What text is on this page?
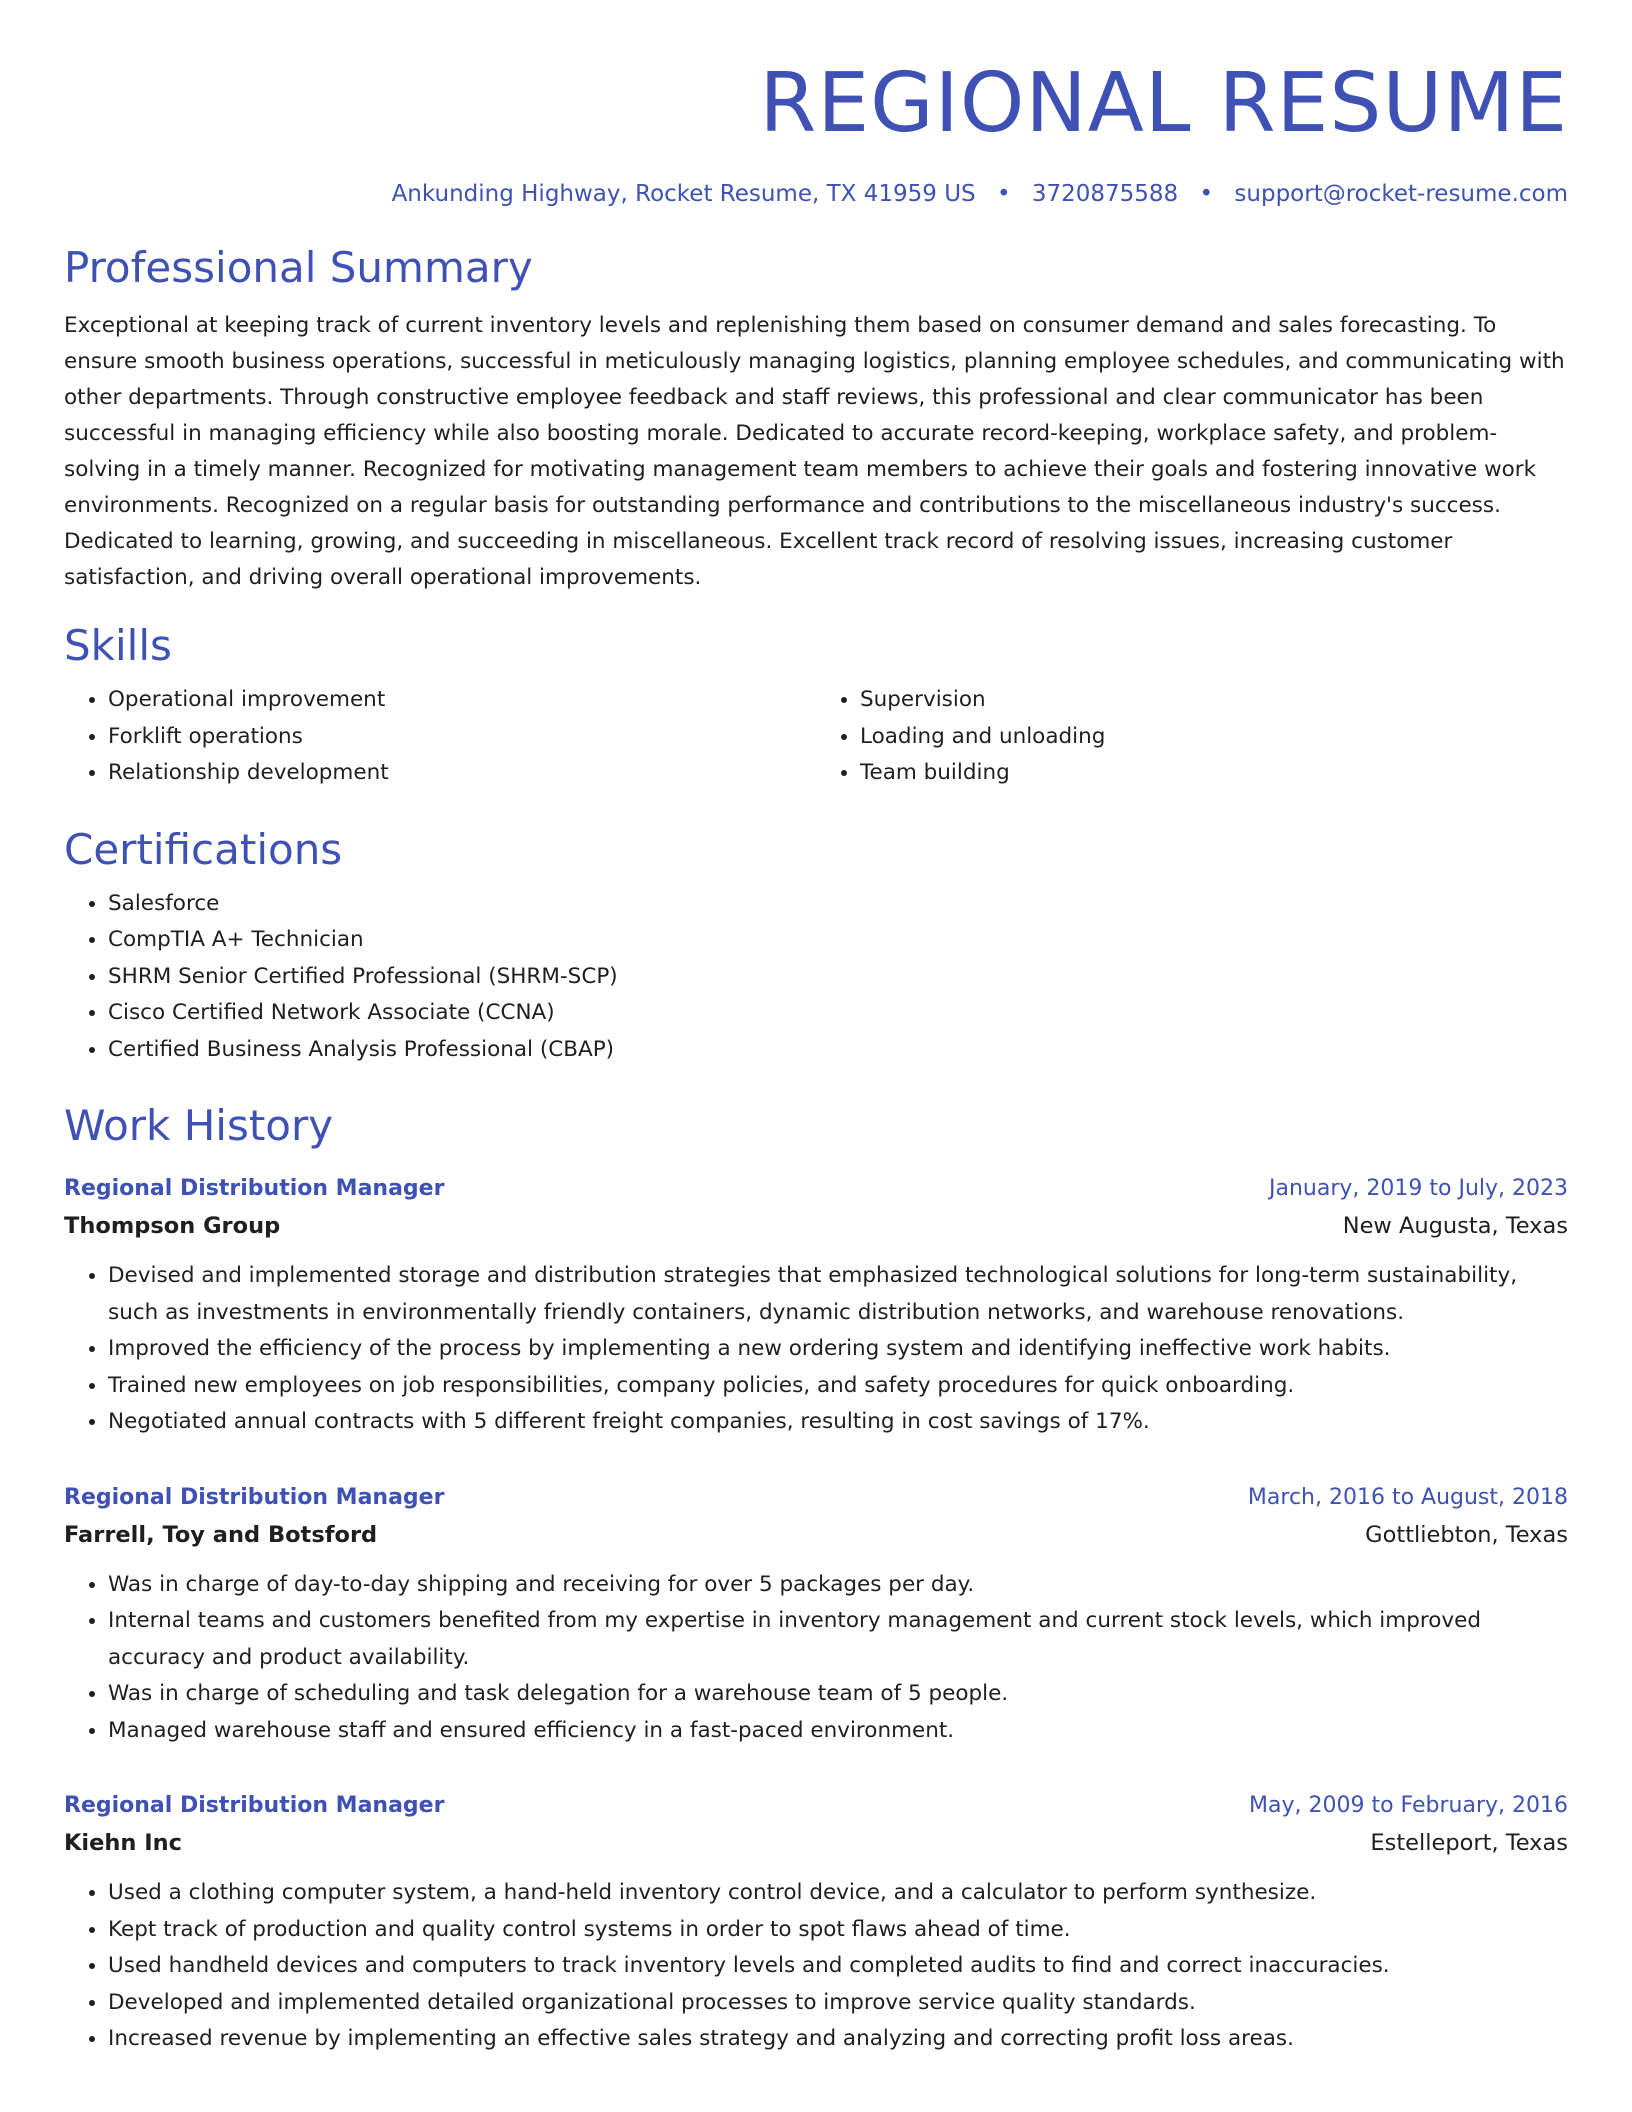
REGIONAL RESUME
Ankunding Highway, Rocket Resume, TX 41959 US • 3720875588 • support@rocket-resume.com
Professional Summary

Exceptional at keeping track of current inventory levels and replenishing them based on consumer demand and sales forecasting. To ensure smooth business operations, successful in meticulously managing logistics, planning employee schedules, and communicating with other departments. Through constructive employee feedback and staff reviews, this professional and clear communicator has been successful in managing efficiency while also boosting morale. Dedicated to accurate record-keeping, workplace safety, and problem-solving in a timely manner. Recognized for motivating management team members to achieve their goals and fostering innovative work environments. Recognized on a regular basis for outstanding performance and contributions to the miscellaneous industry's success. Dedicated to learning, growing, and succeeding in miscellaneous. Excellent track record of resolving issues, increasing customer satisfaction, and driving overall operational improvements.

Skills
• Operational improvement
• Forklift operations
• Relationship development
• Supervision
• Loading and unloading
• Team building
Certifications
• Salesforce
• CompTIA A+ Technician
• SHRM Senior Certified Professional (SHRM-SCP)
• Cisco Certified Network Associate (CCNA)
• Certified Business Analysis Professional (CBAP)
Work History
Regional Distribution Manager	January, 2019 to July, 2023
Thompson Group	New Augusta, Texas
• Devised and implemented storage and distribution strategies that emphasized technological solutions for long-term sustainability, such as investments in environmentally friendly containers, dynamic distribution networks, and warehouse renovations.
• Improved the efficiency of the process by implementing a new ordering system and identifying ineffective work habits.
• Trained new employees on job responsibilities, company policies, and safety procedures for quick onboarding.
• Negotiated annual contracts with 5 different freight companies, resulting in cost savings of 17%.
Regional Distribution Manager	March, 2016 to August, 2018
Farrell, Toy and Botsford	Gottliebton, Texas
• Was in charge of day-to-day shipping and receiving for over 5 packages per day.
• Internal teams and customers benefited from my expertise in inventory management and current stock levels, which improved accuracy and product availability.
• Was in charge of scheduling and task delegation for a warehouse team of 5 people.
• Managed warehouse staff and ensured efficiency in a fast-paced environment.
Regional Distribution Manager	May, 2009 to February, 2016
Kiehn Inc	Estelleport, Texas
• Used a clothing computer system, a hand-held inventory control device, and a calculator to perform synthesize.
• Kept track of production and quality control systems in order to spot flaws ahead of time.
• Used handheld devices and computers to track inventory levels and completed audits to find and correct inaccuracies.
• Developed and implemented detailed organizational processes to improve service quality standards.
• Increased revenue by implementing an effective sales strategy and analyzing and correcting profit loss areas.
